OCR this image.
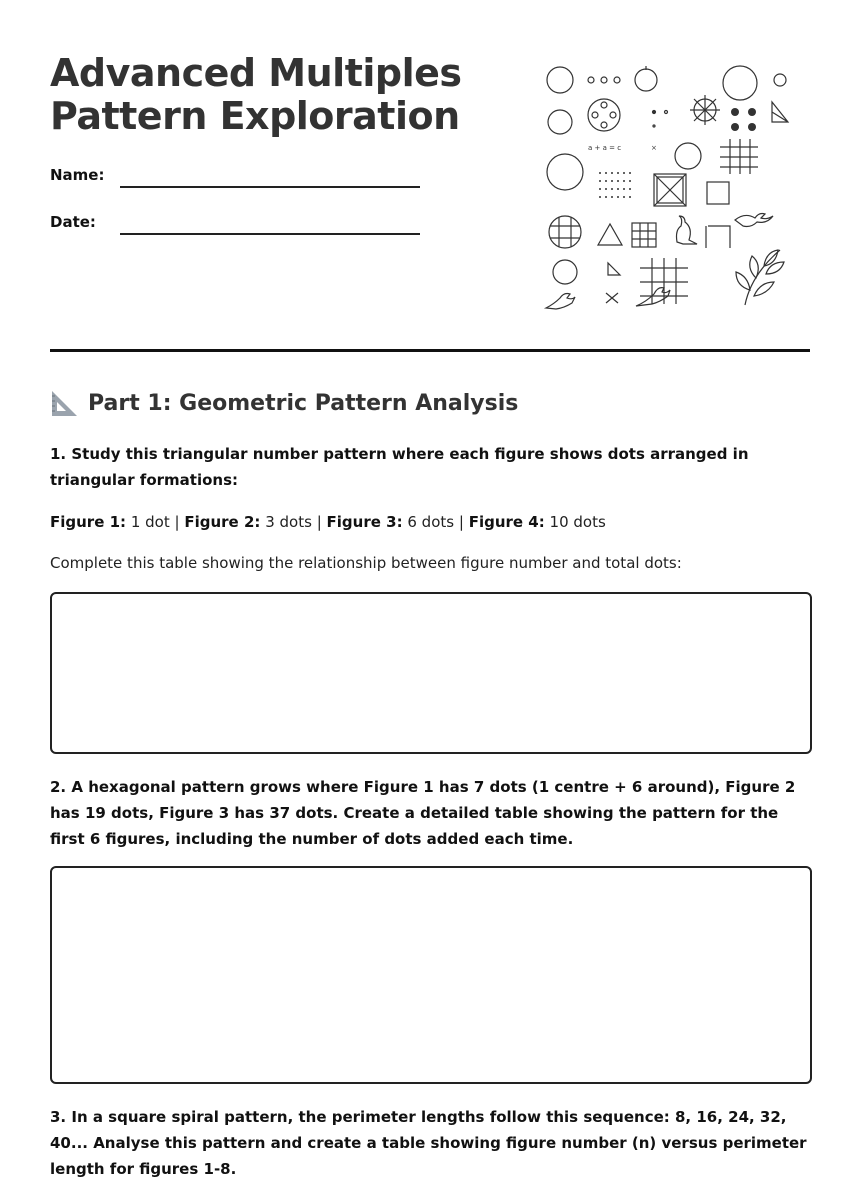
Advanced Multiples
Pattern Exploration
Name:
Date:
a + a = c	×
Part 1: Geometric Pattern Analysis

1. Study this triangular number pattern where each figure shows dots arranged in triangular formations:

Figure 1: 1 dot | Figure 2: 3 dots | Figure 3: 6 dots | Figure 4: 10 dots

Complete this table showing the relationship between figure number and total dots:

2. A hexagonal pattern grows where Figure 1 has 7 dots (1 centre + 6 around), Figure 2 has 19 dots, Figure 3 has 37 dots. Create a detailed table showing the pattern for the first 6 figures, including the number of dots added each time.

3. In a square spiral pattern, the perimeter lengths follow this sequence: 8, 16, 24, 32, 40... Analyse this pattern and create a table showing figure number (n) versus perimeter length for figures 1-8.
